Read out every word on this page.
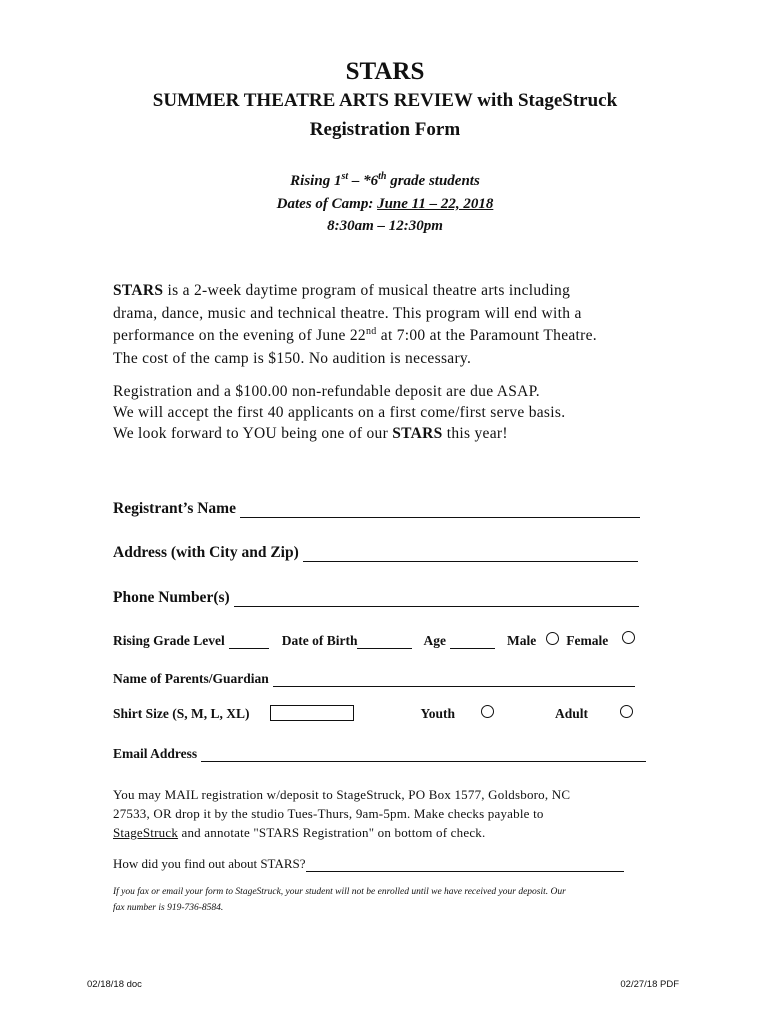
STARS
SUMMER THEATRE ARTS REVIEW with StageStruck
Registration Form
Rising 1st – *6th grade students
Dates of Camp: June 11 – 22, 2018
8:30am – 12:30pm
STARS is a 2-week daytime program of musical theatre arts including
drama, dance, music and technical theatre. This program will end with a
performance on the evening of June 22nd at 7:00 at the Paramount Theatre.
The cost of the camp is $150. No audition is necessary.
Registration and a $100.00 non-refundable deposit are due ASAP.
We will accept the first 40 applicants on a first come/first serve basis.
We look forward to YOU being one of our STARS this year!
Registrant’s Name
Address (with City and Zip)
Phone Number(s)
Rising Grade Level	Date of Birth	Age	Male Female
Name of Parents/Guardian
Shirt Size (S, M, L, XL)	Youth	Adult
Email Address
You may MAIL registration w/deposit to StageStruck, PO Box 1577, Goldsboro, NC
27533, OR drop it by the studio Tues-Thurs, 9am-5pm. Make checks payable to
StageStruck and annotate "STARS Registration" on bottom of check.
How did you find out about STARS?
If you fax or email your form to StageStruck, your student will not be enrolled until we have received your deposit. Our
fax number is 919-736-8584.
02/18/18 doc	02/27/18 PDF
